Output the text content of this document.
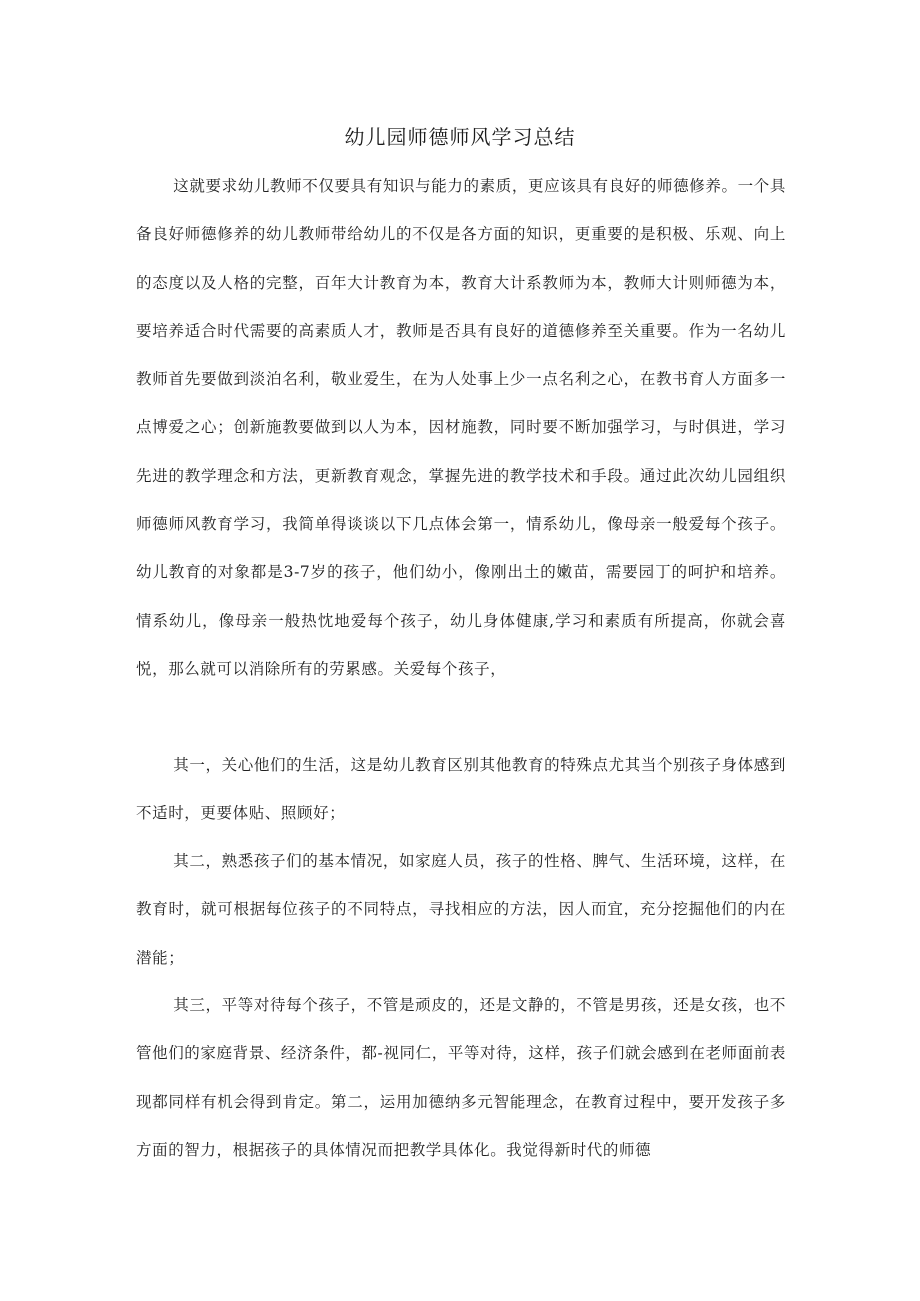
幼儿园师德师风学习总结

这就要求幼儿教师不仅要具有知识与能力的素质，更应该具有良好的师德修养。一个具备良好师德修养的幼儿教师带给幼儿的不仅是各方面的知识，更重要的是积极、乐观、向上的态度以及人格的完整，百年大计教育为本，教育大计系教师为本，教师大计则师德为本，要培养适合时代需要的高素质人才，教师是否具有良好的道德修养至关重要。作为一名幼儿教师首先要做到淡泊名利，敬业爱生，在为人处事上少一点名利之心，在教书育人方面多一点博爱之心；创新施教要做到以人为本，因材施教，同时要不断加强学习，与时俱进，学习先进的教学理念和方法，更新教育观念，掌握先进的教学技术和手段。通过此次幼儿园组织师德师风教育学习，我简单得谈谈以下几点体会第一，情系幼儿，像母亲一般爱每个孩子。幼儿教育的对象都是3-7岁的孩子，他们幼小，像刚出土的嫩苗，需要园丁的呵护和培养。情系幼儿，像母亲一般热忱地爱每个孩子，幼儿身体健康,学习和素质有所提高，你就会喜悦，那么就可以消除所有的劳累感。关爱每个孩子，

其一，关心他们的生活，这是幼儿教育区别其他教育的特殊点尤其当个别孩子身体感到不适时，更要体贴、照顾好；

其二，熟悉孩子们的基本情况，如家庭人员，孩子的性格、脾气、生活环境，这样，在教育时，就可根据每位孩子的不同特点，寻找相应的方法，因人而宜，充分挖掘他们的内在潜能；

其三，平等对待每个孩子，不管是顽皮的，还是文静的，不管是男孩，还是女孩，也不管他们的家庭背景、经济条件，都-视同仁，平等对待，这样，孩子们就会感到在老师面前表现都同样有机会得到肯定。第二，运用加德纳多元智能理念，在教育过程中，要开发孩子多方面的智力，根据孩子的具体情况而把教学具体化。我觉得新时代的师德
